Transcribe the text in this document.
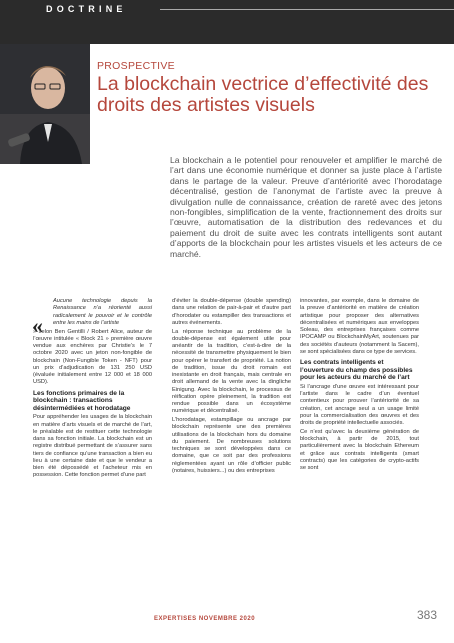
DOCTRINE
PROSPECTIVE
La blockchain vectrice d’effectivité des droits des artistes visuels

La blockchain a le potentiel pour renouveler et amplifier le marché de l’art dans une économie numérique et donner sa juste place à l’artiste dans le partage de la valeur. Preuve d’antériorité avec l’horodatage décentralisé, gestion de l’anonymat de l’artiste avec la preuve à divulgation nulle de connaissance, création de rareté avec des jetons non-fongibles, simplification de la vente, fractionnement des droits sur l’œuvre, automatisation de la distribution des redevances et du paiement du droit de suite avec les contrats intelligents sont autant d’apports de la blockchain pour les artistes visuels et les acteurs de ce marché.

«

Aucune technologie depuis la Renaissance n’a réorienté aussi radicalement le pouvoir et le contrôle entre les mains de l’artiste

» selon Ben Gentilli / Robert Alice, auteur de l’œuvre intitulée « Block 21 » première œuvre vendue aux enchères par Christie’s le 7 octobre 2020 avec un jeton non-fongible de blockchain (Non-Fungible Token - NFT) pour un prix d’adjudication de 131 250 USD (évaluée initialement entre 12 000 et 18 000 USD).

Les fonctions primaires de la blockchain : transactions désintermédiées et horodatage

Pour appréhender les usages de la blockchain en matière d’arts visuels et de marché de l’art, le préalable est de restituer cette technologie dans sa fonction initiale. La blockchain est un registre distribué permettant de s’assurer sans tiers de confiance qu’une transaction a bien eu lieu à une certaine date et que le vendeur a bien été dépossédé et l’acheteur mis en possession. Cette fonction permet d’une part

d’éviter la double-dépense (double spending) dans une relation de pair-à-pair et d’autre part d’horodater ou estampiller des transactions et autres événements.

La réponse technique au problème de la double-dépense est également utile pour anéantir de la tradition, c’est-à-dire de la nécessité de transmettre physiquement le bien pour opérer le transfert de propriété. La notion de tradition, issue du droit romain est inexistante en droit français, mais centrale en droit allemand de la vente avec la dingliche Einigung. Avec la blockchain, le processus de réification opère pleinement, la tradition est rendue possible dans un écosystème numérique et décentralisé.

L’horodatage, estampillage ou ancrage par blockchain représente une des premières utilisations de la blockchain hors du domaine du paiement. De nombreuses solutions techniques se sont développées dans ce domaine, que ce soit par des professions réglementées ayant un rôle d’officier public (notaires, huissiers...) ou des entreprises

innovantes, par exemple, dans le domaine de la preuve d’antériorité en matière de création artistique pour proposer des alternatives décentralisées et numériques aux enveloppes Soleau, des entreprises françaises comme IPOCAMP ou BlockchainMyArt, soutenues par des sociétés d’auteurs (notamment la Sacem), se sont spécialisées dans ce type de services.

Les contrats intelligents et l’ouverture du champ des possibles pour les acteurs du marché de l’art

Si l’ancrage d’une œuvre est intéressant pour l’artiste dans le cadre d’un éventuel contentieux pour prouver l’antériorité de sa création, cet ancrage seul a un usage limité pour la commercialisation des œuvres et des droits de propriété intellectuelle associés.

Ce n’est qu’avec la deuxième génération de blockchain, à partir de 2015, tout particulièrement avec la blockchain Ethereum et grâce aux contrats intelligents (smart contracts) que les catégories de crypto-actifs se sont

EXPERTISES NOVEMBRE 2020	383
